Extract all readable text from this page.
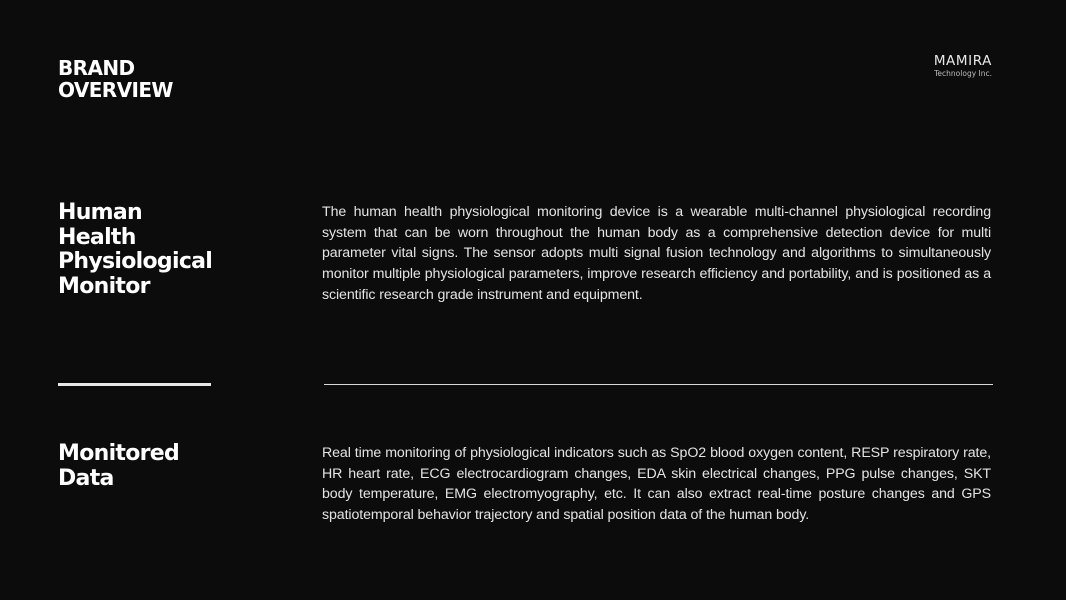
BRAND
OVERVIEW
MAMIRA
Technology Inc.
Human
Health
Physiological
Monitor
The human health physiological monitoring device is a wearable multi-channel physiological recording system that can be worn throughout the human body as a comprehensive detection device for multi parameter vital signs. The sensor adopts multi signal fusion technology and algorithms to simultaneously monitor multiple physiological parameters, improve research efficiency and portability, and is positioned as a scientific research grade instrument and equipment.
Monitored
Data
Real time monitoring of physiological indicators such as SpO2 blood oxygen content, RESP respiratory rate, HR heart rate, ECG electrocardiogram changes, EDA skin electrical changes, PPG pulse changes, SKT body temperature, EMG electromyography, etc. It can also extract real-time posture changes and GPS spatiotemporal behavior trajectory and spatial position data of the human body.
